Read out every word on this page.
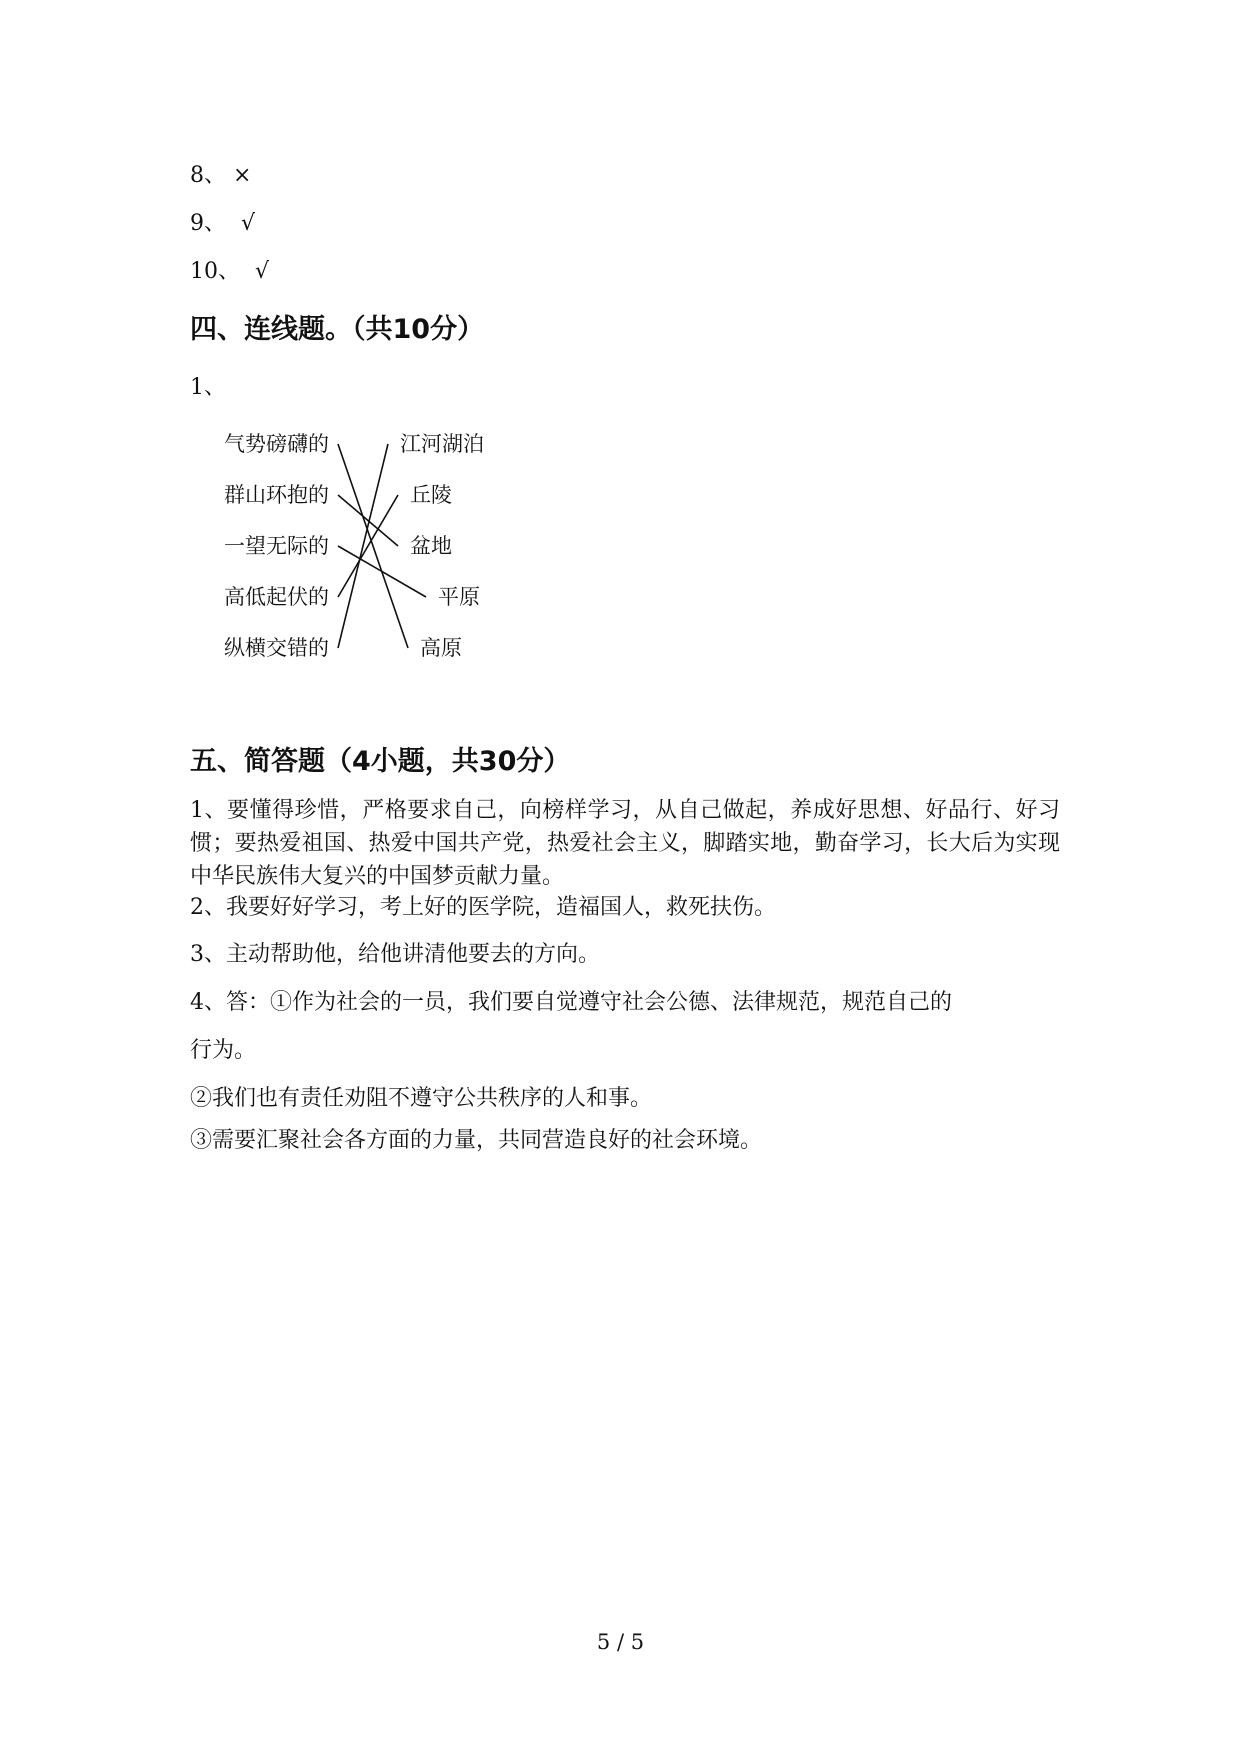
8、 ×
9、 √
10、 √
四、连线题。（共10分）
1、
气势磅礴的
群山环抱的
一望无际的
高低起伏的
纵横交错的
江河湖泊
丘陵
盆地
平原
高原
五、简答题（4小题，共30分）
1、要懂得珍惜，严格要求自己，向榜样学习，从自己做起，养成好思想、好品行、好习惯；要热爱祖国、热爱中国共产党，热爱社会主义，脚踏实地，勤奋学习，长大后为实现中华民族伟大复兴的中国梦贡献力量。
2、我要好好学习，考上好的医学院，造福国人，救死扶伤。
3、主动帮助他，给他讲清他要去的方向。
4、答：①作为社会的一员，我们要自觉遵守社会公德、法律规范，规范自己的
行为。
②我们也有责任劝阻不遵守公共秩序的人和事。
③需要汇聚社会各方面的力量，共同营造良好的社会环境。
5 / 5
